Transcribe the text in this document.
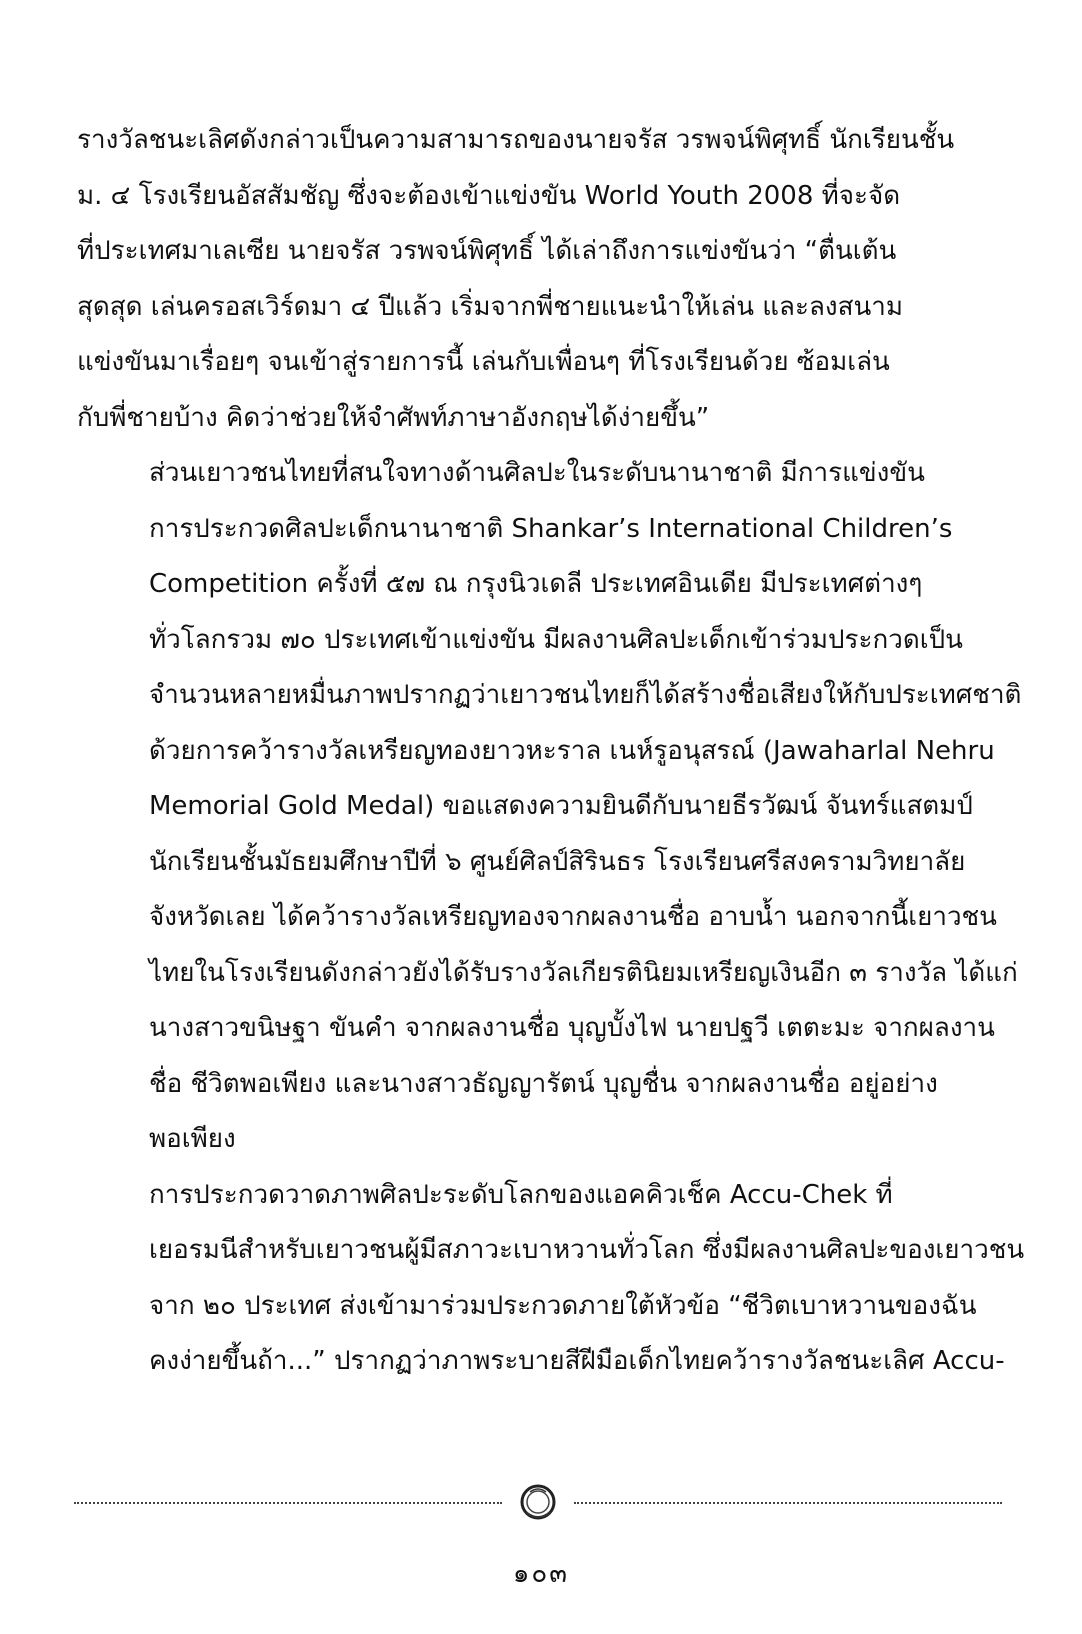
รางวัลชนะเลิศดังกล่าวเป็นความสามารถของนายจรัส วรพจน์พิศุทธิ์ นักเรียนชั้น
ม. ๔ โรงเรียนอัสสัมชัญ ซึ่งจะต้องเข้าแข่งขัน World Youth 2008 ที่จะจัด
ที่ประเทศมาเลเซีย นายจรัส วรพจน์พิศุทธิ์ ได้เล่าถึงการแข่งขันว่า “ตื่นเต้น
สุดสุด เล่นครอสเวิร์ดมา ๔ ปีแล้ว เริ่มจากพี่ชายแนะนำให้เล่น และลงสนาม
แข่งขันมาเรื่อยๆ จนเข้าสู่รายการนี้ เล่นกับเพื่อนๆ ที่โรงเรียนด้วย ซ้อมเล่น
กับพี่ชายบ้าง คิดว่าช่วยให้จำศัพท์ภาษาอังกฤษได้ง่ายขึ้น”

ส่วนเยาวชนไทยที่สนใจทางด้านศิลปะในระดับนานาชาติ มีการแข่งขัน
การประกวดศิลปะเด็กนานาชาติ Shankar’s International Children’s
Competition ครั้งที่ ๕๗ ณ กรุงนิวเดลี ประเทศอินเดีย มีประเทศต่างๆ
ทั่วโลกรวม ๗๐ ประเทศเข้าแข่งขัน มีผลงานศิลปะเด็กเข้าร่วมประกวดเป็น
จำนวนหลายหมื่นภาพปรากฏว่าเยาวชนไทยก็ได้สร้างชื่อเสียงให้กับประเทศชาติ
ด้วยการคว้ารางวัลเหรียญทองยาวหะราล เนห์รูอนุสรณ์ (Jawaharlal Nehru
Memorial Gold Medal) ขอแสดงความยินดีกับนายธีรวัฒน์ จันทร์แสตมป์
นักเรียนชั้นมัธยมศึกษาปีที่ ๖ ศูนย์ศิลป์สิรินธร โรงเรียนศรีสงครามวิทยาลัย
จังหวัดเลย ได้คว้ารางวัลเหรียญทองจากผลงานชื่อ อาบน้ำ นอกจากนี้เยาวชน
ไทยในโรงเรียนดังกล่าวยังได้รับรางวัลเกียรตินิยมเหรียญเงินอีก ๓ รางวัล ได้แก่
นางสาวขนิษฐา ขันคำ จากผลงานชื่อ บุญบั้งไฟ นายปฐวี เตตะมะ จากผลงาน
ชื่อ ชีวิตพอเพียง และนางสาวธัญญารัตน์ บุญชื่น จากผลงานชื่อ อยู่อย่าง
พอเพียง

การประกวดวาดภาพศิลปะระดับโลกของแอคคิวเช็ค Accu-Chek ที่
เยอรมนีสำหรับเยาวชนผู้มีสภาวะเบาหวานทั่วโลก ซึ่งมีผลงานศิลปะของเยาวชน
จาก ๒๐ ประเทศ ส่งเข้ามาร่วมประกวดภายใต้หัวข้อ “ชีวิตเบาหวานของฉัน
คงง่ายขึ้นถ้า...” ปรากฏว่าภาพระบายสีฝีมือเด็กไทยคว้ารางวัลชนะเลิศ Accu-

๑๐๓
